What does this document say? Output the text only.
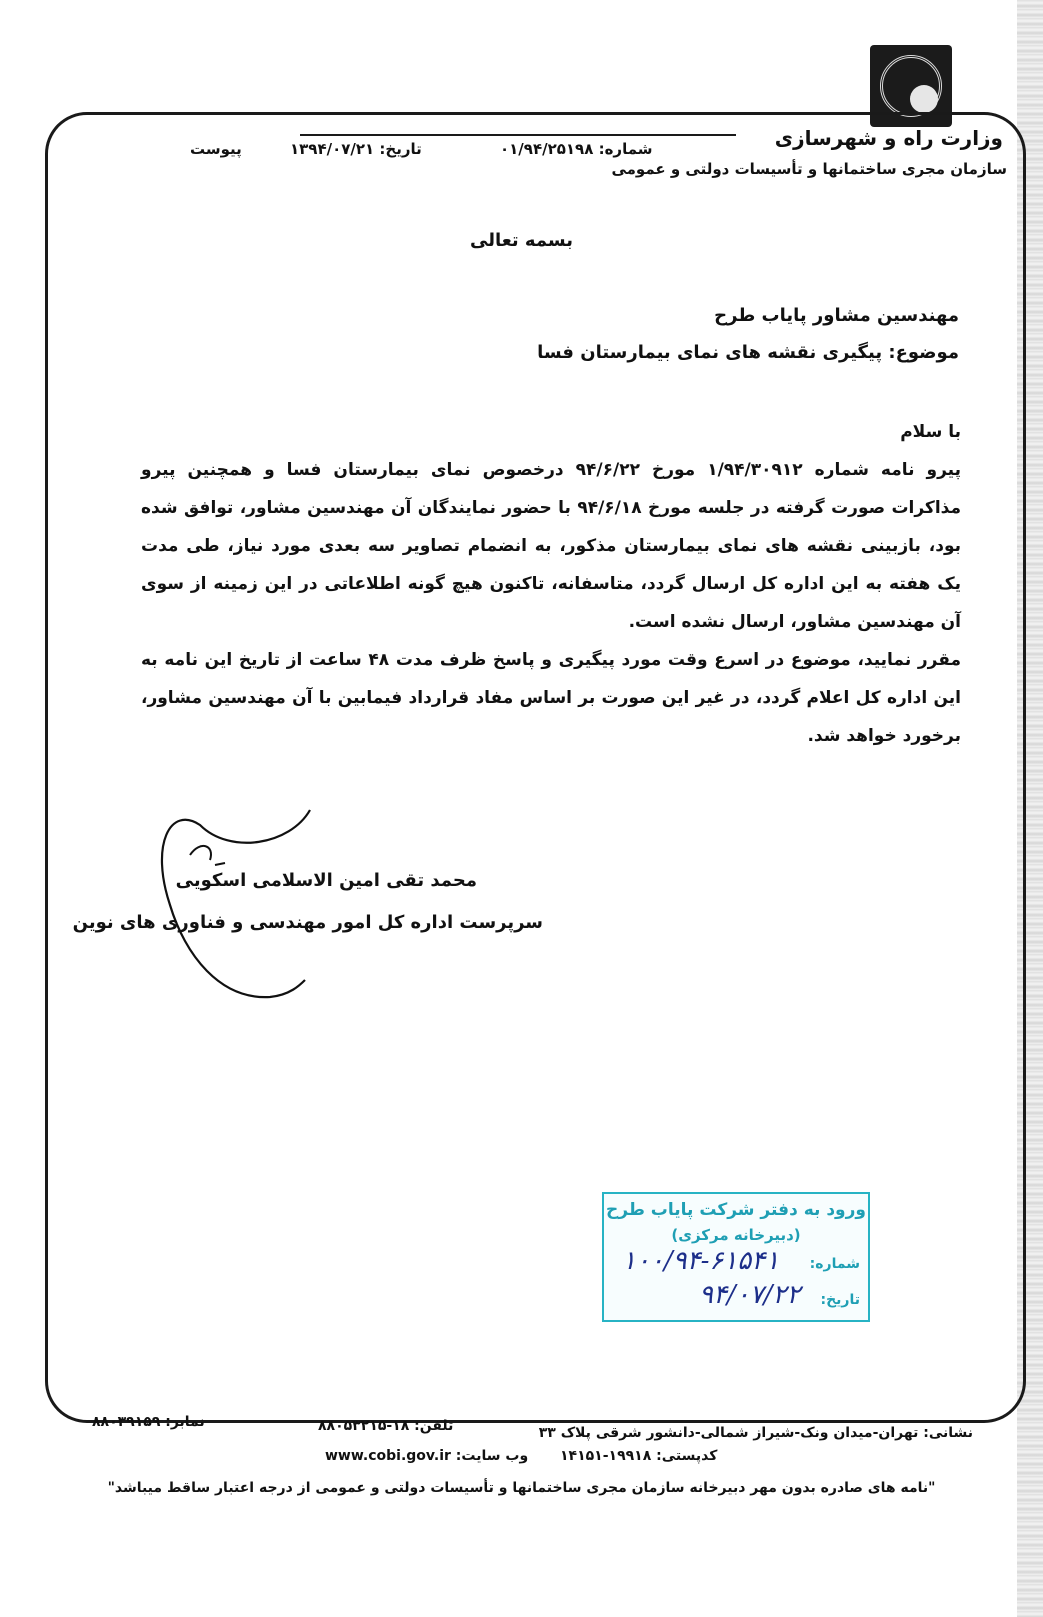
وزارت راه و شهرسازی
سازمان مجری ساختمانها و تأسیسات دولتی و عمومی
شماره: ۰۱/۹۴/۲۵۱۹۸
تاریخ: ۱۳۹۴/۰۷/۲۱
پیوست
بسمه تعالی
مهندسین مشاور پایاب طرح
موضوع: پیگیری نقشه های نمای بیمارستان فسا

با سلام

پیرو نامه شماره ۱/۹۴/۳۰۹۱۲ مورخ ۹۴/۶/۲۲ درخصوص نمای بیمارستان فسا و همچنین پیرو مذاکرات صورت گرفته در جلسه مورخ ۹۴/۶/۱۸ با حضور نمایندگان آن مهندسین مشاور، توافق شده بود، بازبینی نقشه های نمای بیمارستان مذکور، به انضمام تصاویر سه بعدی مورد نیاز، طی مدت یک هفته به این اداره کل ارسال گردد، متاسفانه، تاکنون هیچ گونه اطلاعاتی در این زمینه از سوی آن مهندسین مشاور، ارسال نشده است.

مقرر نمایید، موضوع در اسرع وقت مورد پیگیری و پاسخ ظرف مدت ۴۸ ساعت از تاریخ این نامه به این اداره کل اعلام گردد، در غیر این صورت بر اساس مفاد قرارداد فیمابین با آن مهندسین مشاور، برخورد خواهد شد.

محمد تقی امین الاسلامی اسکویی
سرپرست اداره کل امور مهندسی و فناوری های نوین
ورود به دفتر شرکت پایاب طرح
(دبیرخانه مرکزی)
شماره:
۱۰۰/۹۴-۶۱۵۴۱
تاریخ:
۹۴/۰۷/۲۲
نشانی: تهران-میدان ونک-شیراز شمالی-دانشور شرقی پلاک ۳۳
تلفن: ۱۸-۸۸۰۵۳۲۱۵
نمابر: ۸۸۰۳۹۱۵۹
وب سایت: www.cobi.gov.ir کدپستی: ۱۹۹۱۸-۱۴۱۵۱
"نامه های صادره بدون مهر دبیرخانه سازمان مجری ساختمانها و تأسیسات دولتی و عمومی از درجه اعتبار ساقط میباشد"
